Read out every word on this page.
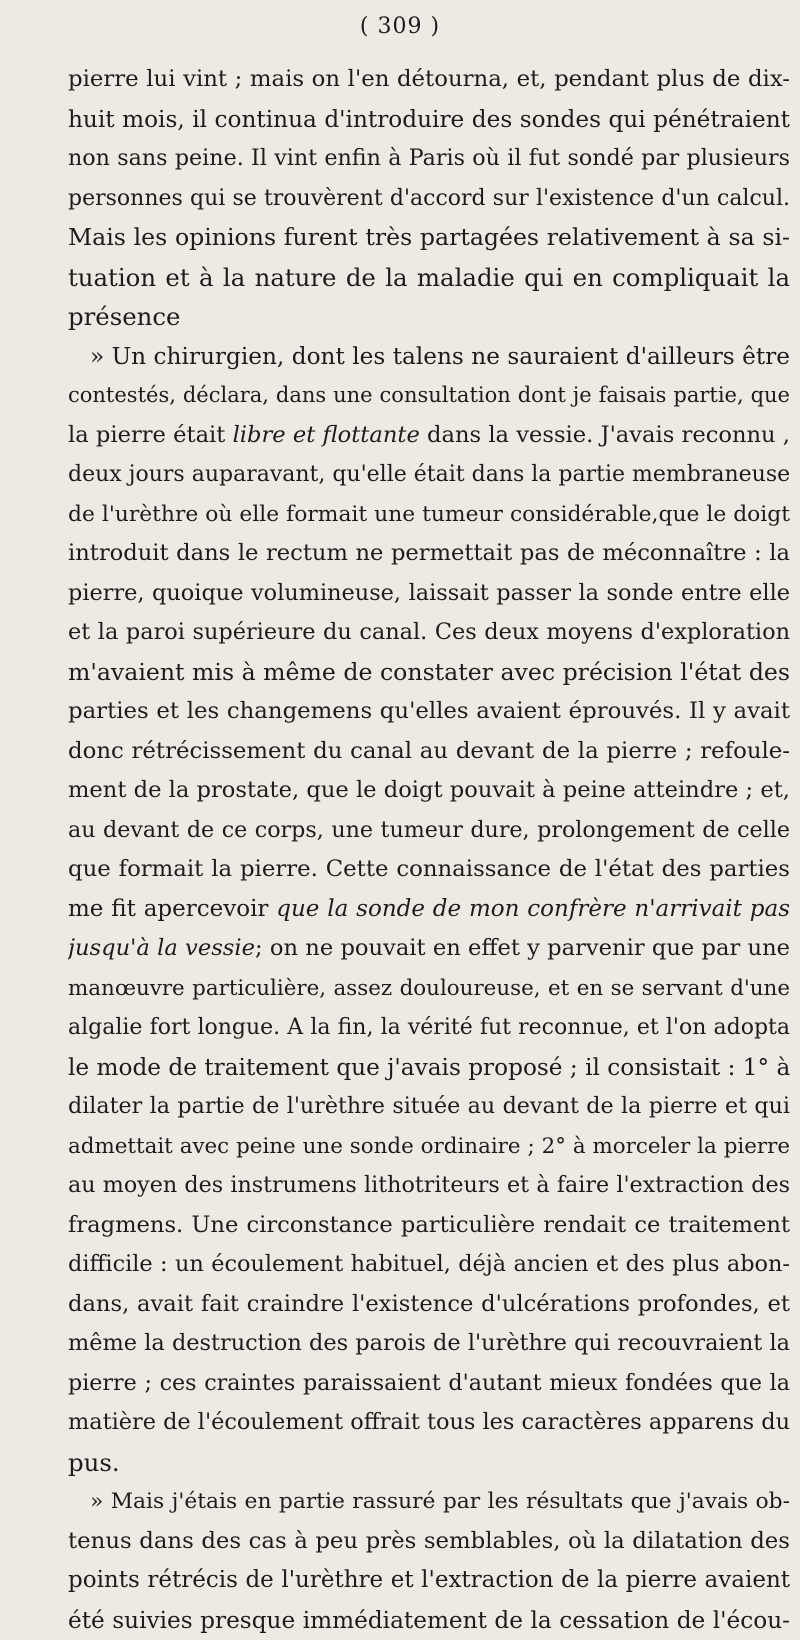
( 309 )
pierre lui vint ; mais on l'en détourna, et, pendant plus de dix-
huit mois, il continua d'introduire des sondes qui pénétraient
non sans peine. Il vint enfin à Paris où il fut sondé par plusieurs
personnes qui se trouvèrent d'accord sur l'existence d'un calcul.
Mais les opinions furent très partagées relativement à sa si-
tuation et à la nature de la maladie qui en compliquait la
présence
» Un chirurgien, dont les talens ne sauraient d'ailleurs être
contestés, déclara, dans une consultation dont je faisais partie, que
la pierre était libre et flottante dans la vessie. J'avais reconnu ,
deux jours auparavant, qu'elle était dans la partie membraneuse
de l'urèthre où elle formait une tumeur considérable,que le doigt
introduit dans le rectum ne permettait pas de méconnaître : la
pierre, quoique volumineuse, laissait passer la sonde entre elle
et la paroi supérieure du canal. Ces deux moyens d'exploration
m'avaient mis à même de constater avec précision l'état des
parties et les changemens qu'elles avaient éprouvés. Il y avait
donc rétrécissement du canal au devant de la pierre ; refoule-
ment de la prostate, que le doigt pouvait à peine atteindre ; et,
au devant de ce corps, une tumeur dure, prolongement de celle
que formait la pierre. Cette connaissance de l'état des parties
me fit apercevoir que la sonde de mon confrère n'arrivait pas
jusqu'à la vessie; on ne pouvait en effet y parvenir que par une
manœuvre particulière, assez douloureuse, et en se servant d'une
algalie fort longue. A la fin, la vérité fut reconnue, et l'on adopta
le mode de traitement que j'avais proposé ; il consistait : 1° à
dilater la partie de l'urèthre située au devant de la pierre et qui
admettait avec peine une sonde ordinaire ; 2° à morceler la pierre
au moyen des instrumens lithotriteurs et à faire l'extraction des
fragmens. Une circonstance particulière rendait ce traitement
difficile : un écoulement habituel, déjà ancien et des plus abon-
dans, avait fait craindre l'existence d'ulcérations profondes, et
même la destruction des parois de l'urèthre qui recouvraient la
pierre ; ces craintes paraissaient d'autant mieux fondées que la
matière de l'écoulement offrait tous les caractères apparens du
pus.
» Mais j'étais en partie rassuré par les résultats que j'avais ob-
tenus dans des cas à peu près semblables, où la dilatation des
points rétrécis de l'urèthre et l'extraction de la pierre avaient
été suivies presque immédiatement de la cessation de l'écou-
